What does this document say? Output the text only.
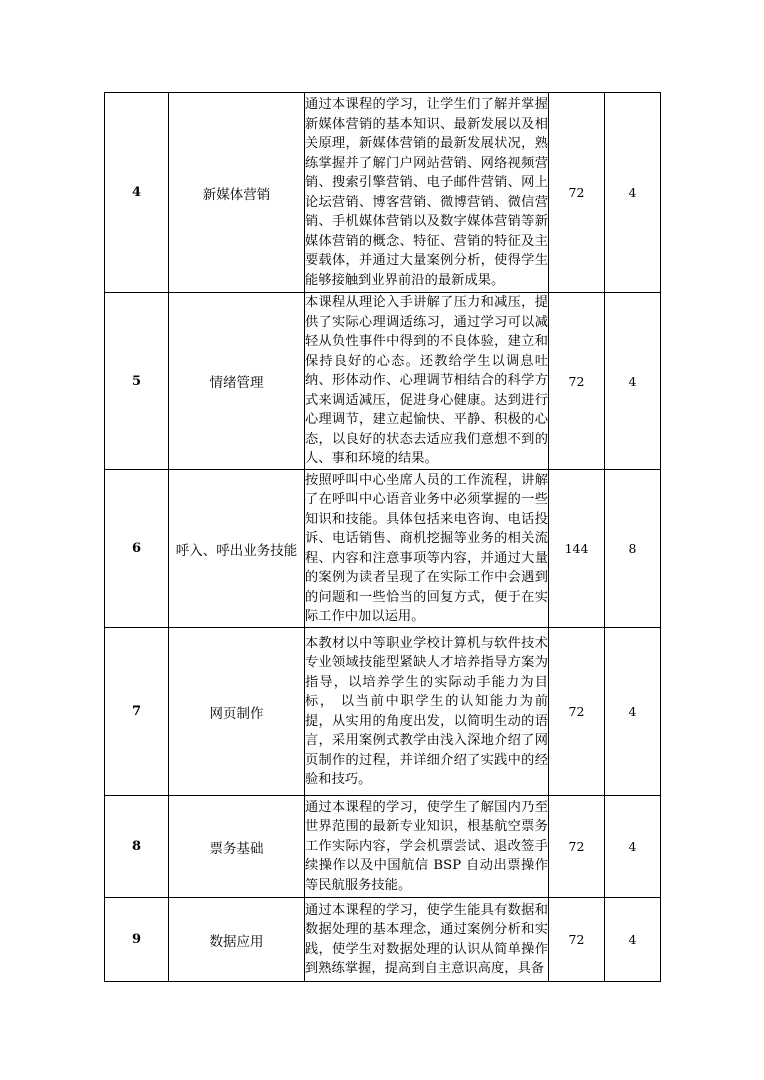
4	新媒体营销	通过本课程的学习，让学生们了解并掌握新媒体营销的基本知识、最新发展以及相关原理，新媒体营销的最新发展状况，熟练掌握并了解门户网站营销、网络视频营销、搜索引擎营销、电子邮件营销、网上论坛营销、博客营销、微博营销、微信营销、手机媒体营销以及数字媒体营销等新媒体营销的概念、特征、营销的特征及主要载体，并通过大量案例分析，使得学生能够接触到业界前沿的最新成果。	72	4
5	情绪管理	本课程从理论入手讲解了压力和减压，提供了实际心理调适练习，通过学习可以减轻从负性事件中得到的不良体验，建立和保持良好的心态。还教给学生以调息吐纳、形体动作、心理调节相结合的科学方式来调适减压，促进身心健康。达到进行心理调节，建立起愉快、平静、积极的心态，以良好的状态去适应我们意想不到的人、事和环境的结果。	72	4
6	呼入、呼出业务技能	按照呼叫中心坐席人员的工作流程，讲解了在呼叫中心语音业务中必须掌握的一些知识和技能。具体包括来电咨询、电话投诉、电话销售、商机挖掘等业务的相关流程、内容和注意事项等内容，并通过大量的案例为读者呈现了在实际工作中会遇到的问题和一些恰当的回复方式，便于在实际工作中加以运用。	144	8
7	网页制作	本教材以中等职业学校计算机与软件技术专业领域技能型紧缺人才培养指导方案为指导，以培养学生的实际动手能力为目标， 以当前中职学生的认知能力为前提，从实用的角度出发，以简明生动的语言，采用案例式教学由浅入深地介绍了网页制作的过程，并详细介绍了实践中的经验和技巧。	72	4
8	票务基础	通过本课程的学习，使学生了解国内乃至世界范围的最新专业知识，根基航空票务工作实际内容，学会机票尝试、退改签手续操作以及中国航信 BSP 自动出票操作等民航服务技能。	72	4
9	数据应用	通过本课程的学习，使学生能具有数据和数据处理的基本理念，通过案例分析和实践，使学生对数据处理的认识从简单操作到熟练掌握，提高到自主意识高度，具备	72	4
